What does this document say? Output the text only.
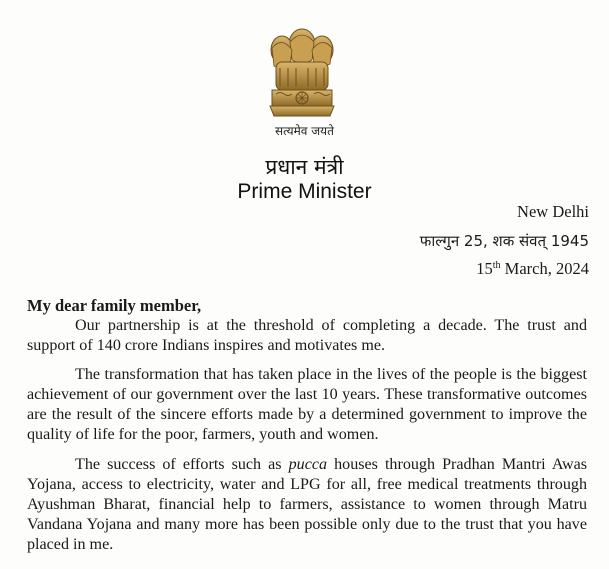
सत्यमेव जयते
प्रधान मंत्री
Prime Minister
New Delhi
फाल्गुन 25, शक संवत् 1945
15th March, 2024
My dear family member,

Our partnership is at the threshold of completing a decade. The trust and support of 140 crore Indians inspires and motivates me.

The transformation that has taken place in the lives of the people is the biggest achievement of our government over the last 10 years. These transformative outcomes are the result of the sincere efforts made by a determined government to improve the quality of life for the poor, farmers, youth and women.

The success of efforts such as pucca houses through Pradhan Mantri Awas Yojana, access to electricity, water and LPG for all, free medical treatments through Ayushman Bharat, financial help to farmers, assistance to women through Matru Vandana Yojana and many more has been possible only due to the trust that you have placed in me.
